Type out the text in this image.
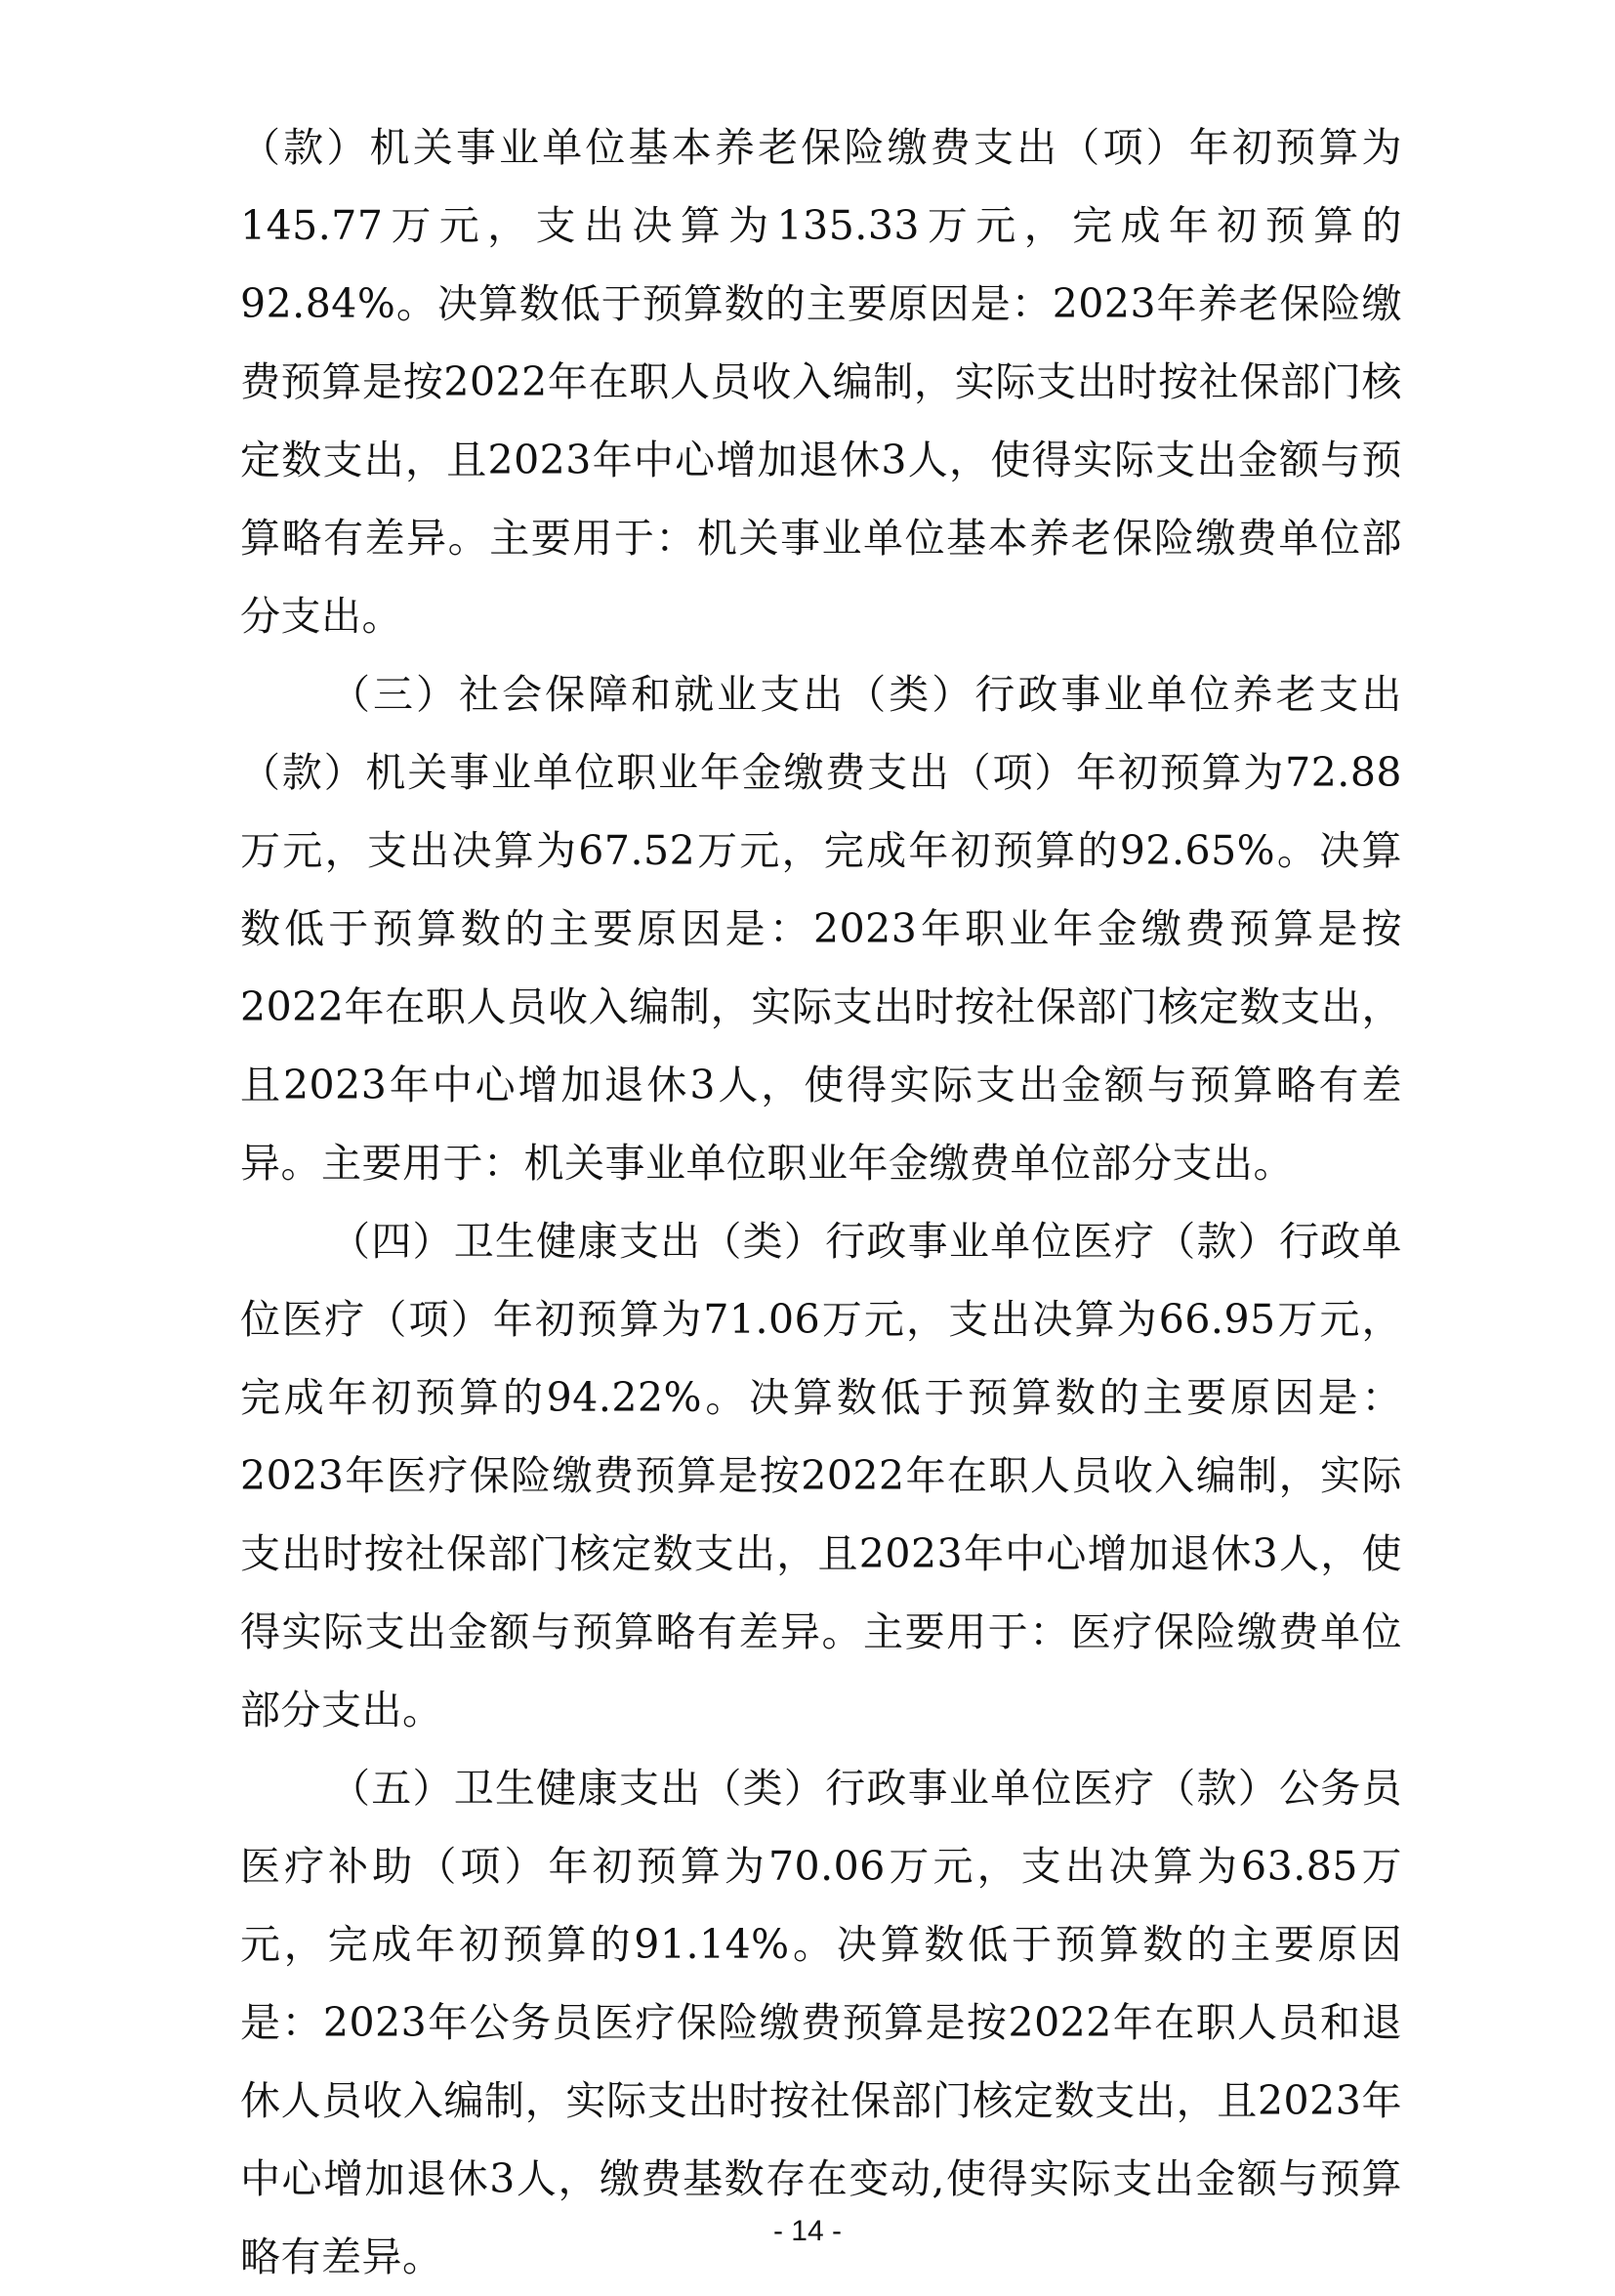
（款）机关事业单位基本养老保险缴费支出（项）年初预算为145.77万元，支出决算为135.33万元，完成年初预算的92.84%。决算数低于预算数的主要原因是：2023年养老保险缴费预算是按2022年在职人员收入编制，实际支出时按社保部门核定数支出，且2023年中心增加退休3人，使得实际支出金额与预算略有差异。主要用于：机关事业单位基本养老保险缴费单位部分支出。

（三）社会保障和就业支出（类）行政事业单位养老支出（款）机关事业单位职业年金缴费支出（项）年初预算为72.88万元，支出决算为67.52万元，完成年初预算的92.65%。决算数低于预算数的主要原因是：2023年职业年金缴费预算是按2022年在职人员收入编制，实际支出时按社保部门核定数支出，且2023年中心增加退休3人，使得实际支出金额与预算略有差异。主要用于：机关事业单位职业年金缴费单位部分支出。

（四）卫生健康支出（类）行政事业单位医疗（款）行政单位医疗（项）年初预算为71.06万元，支出决算为66.95万元，完成年初预算的94.22%。决算数低于预算数的主要原因是：2023年医疗保险缴费预算是按2022年在职人员收入编制，实际支出时按社保部门核定数支出，且2023年中心增加退休3人，使得实际支出金额与预算略有差异。主要用于：医疗保险缴费单位部分支出。

（五）卫生健康支出（类）行政事业单位医疗（款）公务员医疗补助（项）年初预算为70.06万元，支出决算为63.85万元，完成年初预算的91.14%。决算数低于预算数的主要原因是：2023年公务员医疗保险缴费预算是按2022年在职人员和退休人员收入编制，实际支出时按社保部门核定数支出，且2023年中心增加退休3人，缴费基数存在变动,使得实际支出金额与预算略有差异。

- 14 -
